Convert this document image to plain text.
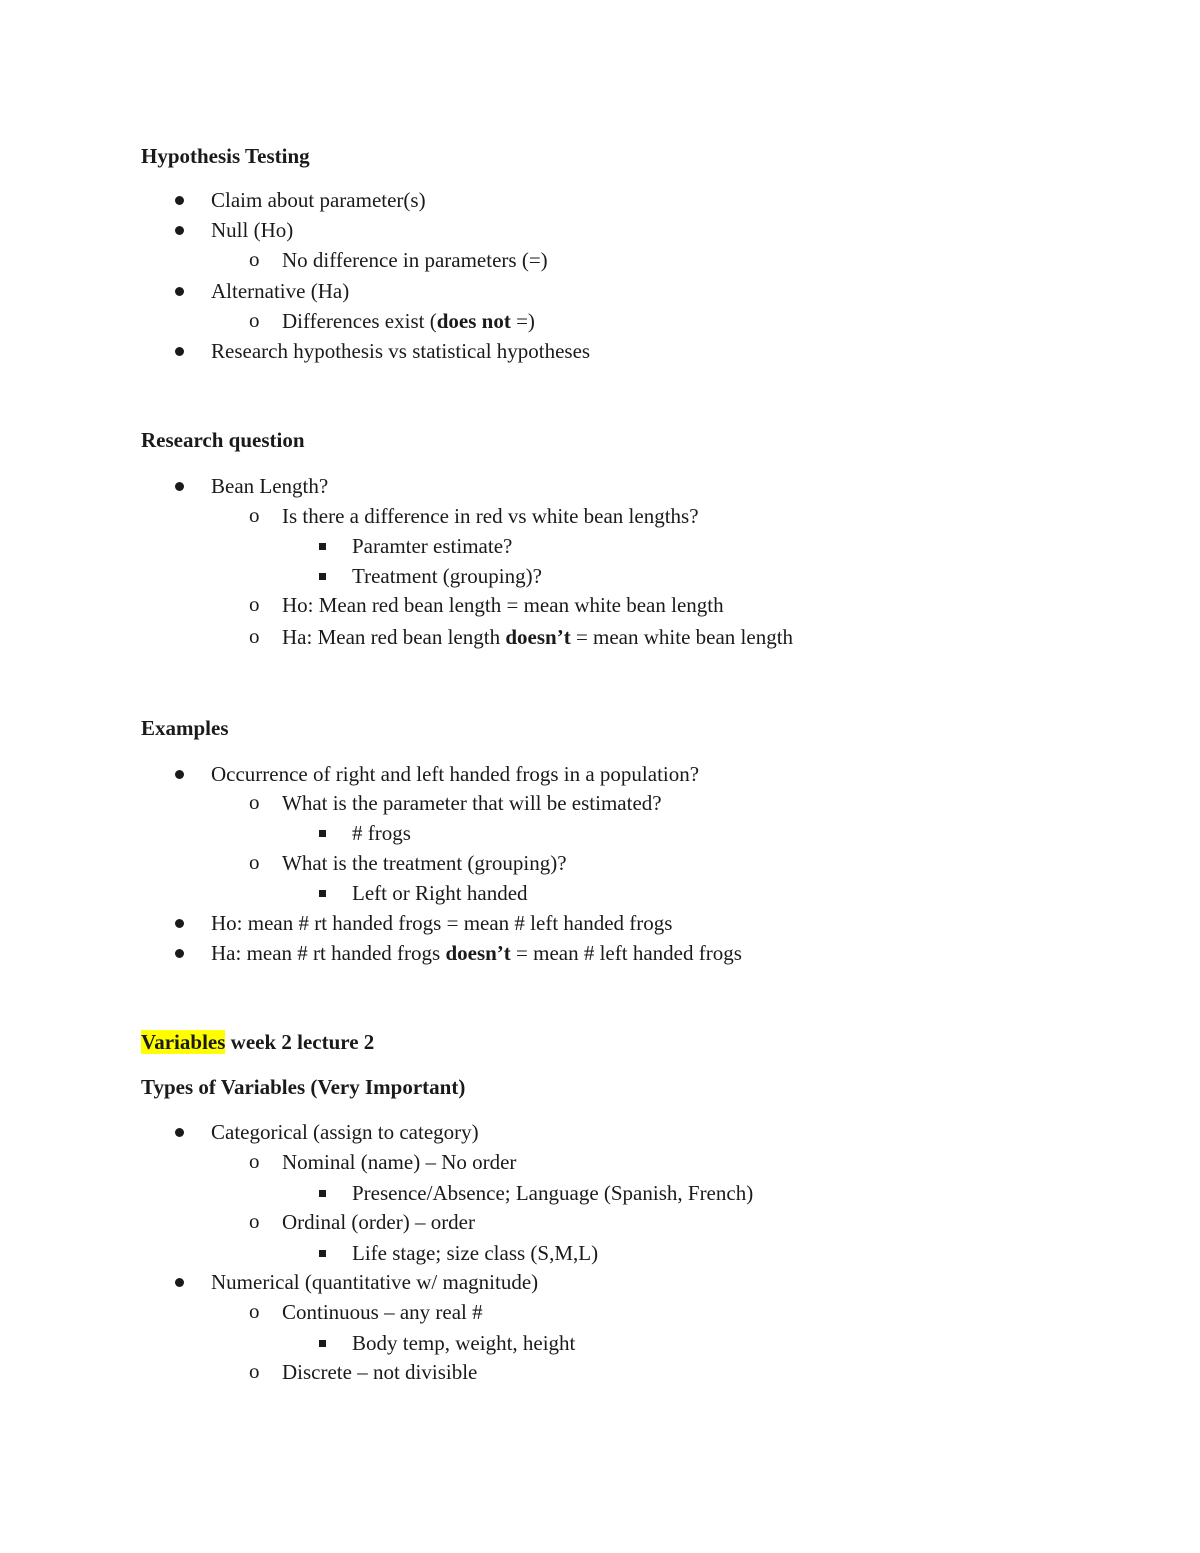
Hypothesis Testing
Claim about parameter(s)
Null (Ho)
o No difference in parameters (=)
Alternative (Ha)
o Differences exist (does not =)
Research hypothesis vs statistical hypotheses
Research question
Bean Length?
o Is there a difference in red vs white bean lengths?
Paramter estimate?
Treatment (grouping)?
o Ho: Mean red bean length = mean white bean length
o Ha: Mean red bean length doesn’t = mean white bean length
Examples
Occurrence of right and left handed frogs in a population?
o What is the parameter that will be estimated?
# frogs
o What is the treatment (grouping)?
Left or Right handed
Ho: mean # rt handed frogs = mean # left handed frogs
Ha: mean # rt handed frogs doesn’t = mean # left handed frogs
Variables week 2 lecture 2
Types of Variables (Very Important)
Categorical (assign to category)
o Nominal (name) – No order
Presence/Absence; Language (Spanish, French)
o Ordinal (order) – order
Life stage; size class (S,M,L)
Numerical (quantitative w/ magnitude)
o Continuous – any real #
Body temp, weight, height
o Discrete – not divisible
